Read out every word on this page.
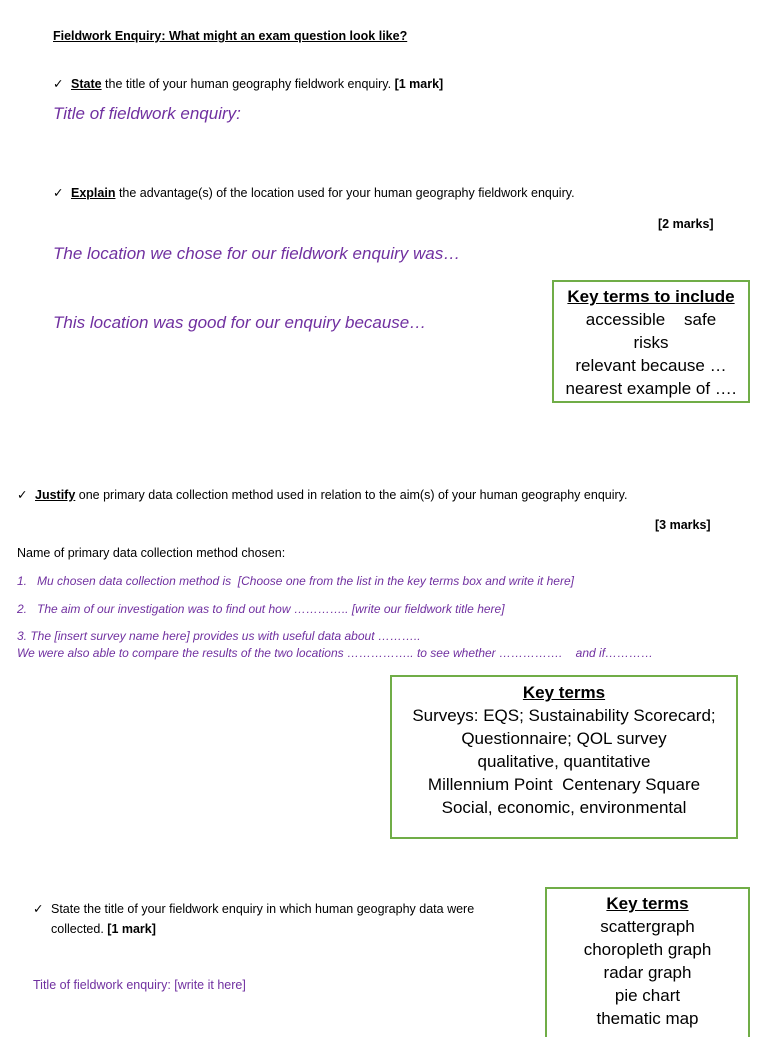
Fieldwork Enquiry: What might an exam question look like?
✓ State the title of your human geography fieldwork enquiry. [1 mark]
Title of fieldwork enquiry:
✓ Explain the advantage(s) of the location used for your human geography fieldwork enquiry.
[2 marks]
The location we chose for our fieldwork enquiry was…
This location was good for our enquiry because…
Key terms to include
accessible    safe
risks
relevant because …
nearest example of ….
✓ Justify one primary data collection method used in relation to the aim(s) of your human geography enquiry.
[3 marks]
Name of primary data collection method chosen:
1.   Mu chosen data collection method is  [Choose one from the list in the key terms box and write it here]
2.   The aim of our investigation was to find out how ………….. [write our fieldwork title here]
3. The [insert survey name here] provides us with useful data about ………..
We were also able to compare the results of the two locations …………….. to see whether …………….    and if…………
Key terms
Surveys: EQS; Sustainability Scorecard;
Questionnaire; QOL survey
qualitative, quantitative
Millennium Point  Centenary Square
Social, economic, environmental
✓ State the title of your fieldwork enquiry in which human geography data were
collected. [1 mark]
Title of fieldwork enquiry: [write it here]
Key terms
scattergraph
choropleth graph
radar graph
pie chart
thematic map
